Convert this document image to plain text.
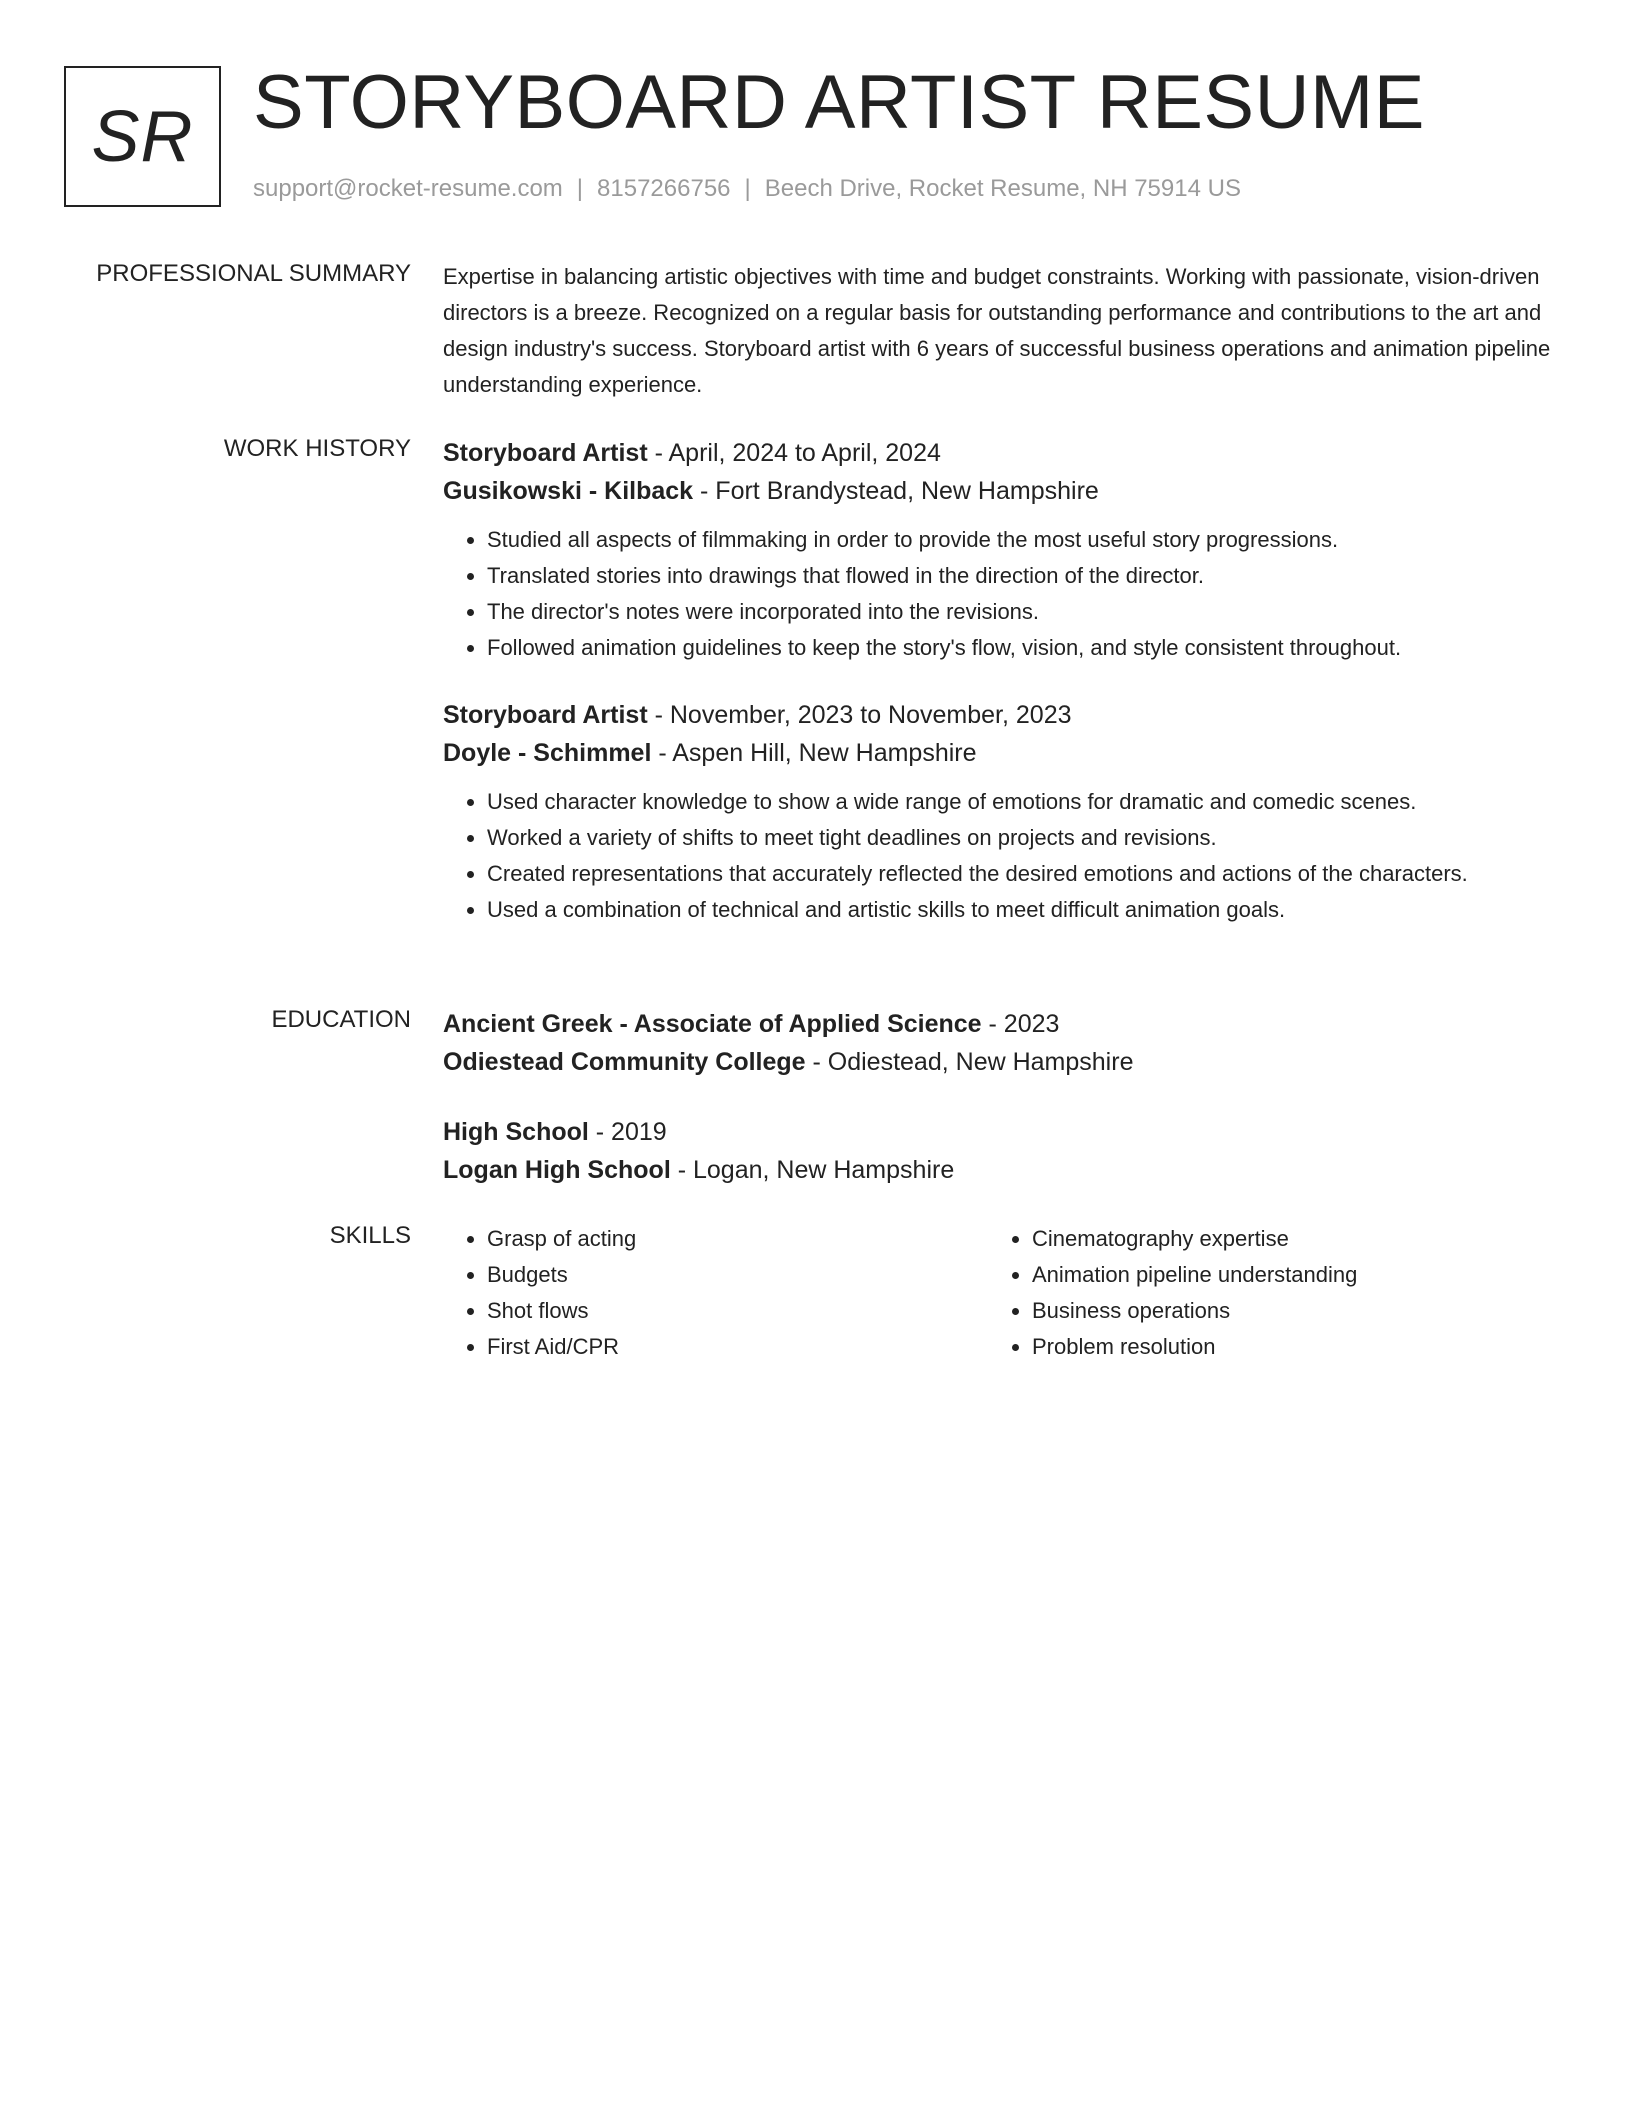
SR STORYBOARD ARTIST RESUME
support@rocket-resume.com | 8157266756 | Beech Drive, Rocket Resume, NH 75914 US
PROFESSIONAL SUMMARY Expertise in balancing artistic objectives with time and budget constraints. Working with passionate, vision-driven directors is a breeze. Recognized on a regular basis for outstanding performance and contributions to the art and design industry's success. Storyboard artist with 6 years of successful business operations and animation pipeline understanding experience.

WORK HISTORY Storyboard Artist - April, 2024 to April, 2024
Gusikowski - Kilback - Fort Brandystead, New Hampshire
• Studied all aspects of filmmaking in order to provide the most useful story progressions.
• Translated stories into drawings that flowed in the direction of the director.
• The director's notes were incorporated into the revisions.
• Followed animation guidelines to keep the story's flow, vision, and style consistent throughout.
Storyboard Artist - November, 2023 to November, 2023
Doyle - Schimmel - Aspen Hill, New Hampshire
• Used character knowledge to show a wide range of emotions for dramatic and comedic scenes.
• Worked a variety of shifts to meet tight deadlines on projects and revisions.
• Created representations that accurately reflected the desired emotions and actions of the characters.
• Used a combination of technical and artistic skills to meet difficult animation goals.
EDUCATION Ancient Greek - Associate of Applied Science - 2023
Odiestead Community College - Odiestead, New Hampshire
High School - 2019
Logan High School - Logan, New Hampshire
SKILLS
•	Grasp of acting
• Budgets
• Shot flows
• First Aid/CPR
• Cinematography expertise
• Animation pipeline understanding
• Business operations
• Problem resolution
